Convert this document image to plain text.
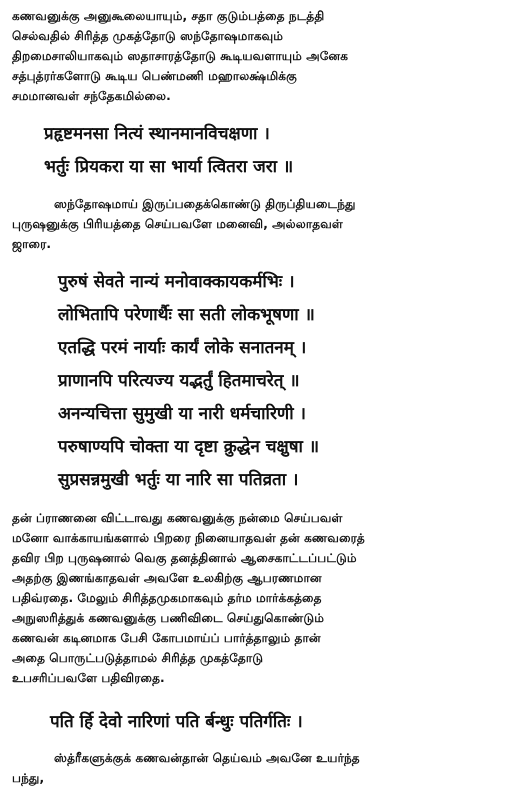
கணவனுக்கு அனுகூலையாயும், சதா குடும்பத்தை நடத்தி
செல்வதில் சிரித்த முகத்தோடு ஸந்தோஷமாகவும்
திறமைசாலியாகவும் ஸதாசாரத்தோடு கூடியவளாயும் அனேக
சத்புத்ரர்களோடு கூடிய பெண்மணி மஹாலக்ஷ்மிக்கு
சமமானவள் சந்தேகமில்லை.
प्रहृष्टमनसा नित्यं स्थानमानविचक्षणा ।
भर्तुः प्रियकरा या सा भार्या त्वितरा जरा ॥
ஸந்தோஷமாய் இருப்பதைக்கொண்டு திருப்தியடைந்து
புருஷனுக்கு பிரியத்தை செய்பவளே மனைவி, அல்லாதவள்
ஜாரை.
पुरुषं सेवते नान्यं मनोवाक्कायकर्मभिः ।
लोभितापि परेणार्थैः सा सती लोकभूषणा ॥
एतद्धि परमं नार्याः कार्यं लोके सनातनम् ।
प्राणानपि परित्यज्य यद्भर्तुं हितमाचरेत् ॥
अनन्यचित्ता सुमुखी या नारी धर्मचारिणी ।
परुषाण्यपि चोक्ता या दृष्टा क्रुद्धेन चक्षुषा ॥
सुप्रसन्नमुखी भर्तुः या नारि सा पतिव्रता ।
தன் ப்ராணனை விட்டாவது கணவனுக்கு நன்மை செய்பவள்
மனோ வாக்காயங்களால் பிறரை நினையாதவள் தன் கணவரைத்
தவிர பிற புருஷனால் வெகு தனத்தினால் ஆசைகாட்டப்பட்டும்
அதற்கு இணங்காதவள் அவளே உலகிற்கு ஆபரணமான
பதிவ்ரதை. மேலும் சிரித்தமுகமாகவும் தர்ம மார்க்கத்தை
அநுஸரித்துக் கணவனுக்கு பணிவிடை செய்துகொண்டும்
கணவன் கடினமாக பேசி கோபமாய்ப் பார்த்தாலும் தான்
அதை பொருட்படுத்தாமல் சிரித்த முகத்தோடு
உபசரிப்பவளே பதிவிரதை.
पति र्हि देवो नारिणां पति र्बन्धुः पतिर्गतिः ।
ஸ்த்ரீகளுக்குக் கணவன்தான் தெய்வம் அவனே உயர்ந்த
பந்து,
